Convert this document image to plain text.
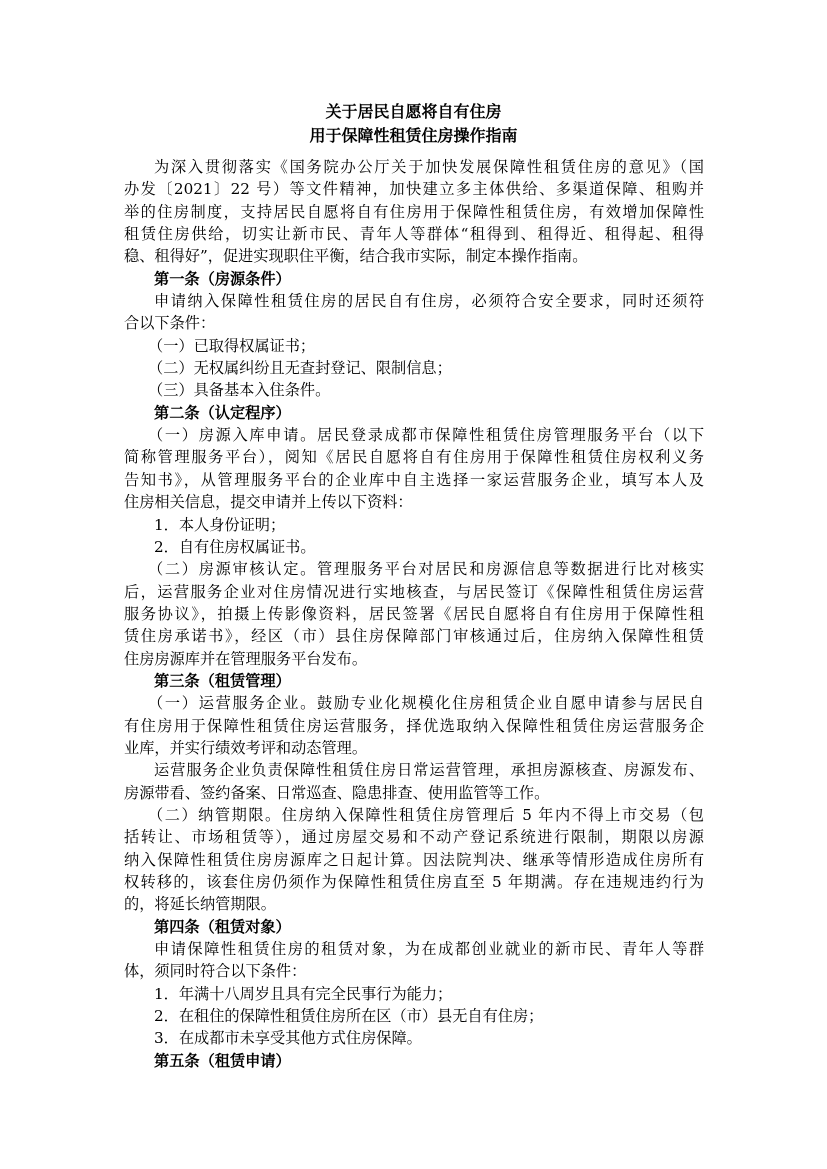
关于居民自愿将自有住房
用于保障性租赁住房操作指南
为深入贯彻落实《国务院办公厅关于加快发展保障性租赁住房的意见》（国
办发〔2021〕22 号）等文件精神，加快建立多主体供给、多渠道保障、租购并
举的住房制度，支持居民自愿将自有住房用于保障性租赁住房，有效增加保障性
租赁住房供给，切实让新市民、青年人等群体“租得到、租得近、租得起、租得
稳、租得好”，促进实现职住平衡，结合我市实际，制定本操作指南。
第一条（房源条件）
申请纳入保障性租赁住房的居民自有住房，必须符合安全要求，同时还须符
合以下条件：
（一）已取得权属证书；
（二）无权属纠纷且无查封登记、限制信息；
（三）具备基本入住条件。
第二条（认定程序）
（一）房源入库申请。居民登录成都市保障性租赁住房管理服务平台（以下
简称管理服务平台），阅知《居民自愿将自有住房用于保障性租赁住房权利义务
告知书》，从管理服务平台的企业库中自主选择一家运营服务企业，填写本人及
住房相关信息，提交申请并上传以下资料：
1．本人身份证明；
2．自有住房权属证书。
（二）房源审核认定。管理服务平台对居民和房源信息等数据进行比对核实
后，运营服务企业对住房情况进行实地核查，与居民签订《保障性租赁住房运营
服务协议》，拍摄上传影像资料，居民签署《居民自愿将自有住房用于保障性租
赁住房承诺书》，经区（市）县住房保障部门审核通过后，住房纳入保障性租赁
住房房源库并在管理服务平台发布。
第三条（租赁管理）
（一）运营服务企业。鼓励专业化规模化住房租赁企业自愿申请参与居民自
有住房用于保障性租赁住房运营服务，择优选取纳入保障性租赁住房运营服务企
业库，并实行绩效考评和动态管理。
运营服务企业负责保障性租赁住房日常运营管理，承担房源核查、房源发布、
房源带看、签约备案、日常巡查、隐患排查、使用监管等工作。
（二）纳管期限。住房纳入保障性租赁住房管理后 5 年内不得上市交易（包
括转让、市场租赁等），通过房屋交易和不动产登记系统进行限制，期限以房源
纳入保障性租赁住房房源库之日起计算。因法院判决、继承等情形造成住房所有
权转移的，该套住房仍须作为保障性租赁住房直至 5 年期满。存在违规违约行为
的，将延长纳管期限。
第四条（租赁对象）
申请保障性租赁住房的租赁对象，为在成都创业就业的新市民、青年人等群
体，须同时符合以下条件：
1．年满十八周岁且具有完全民事行为能力；
2．在租住的保障性租赁住房所在区（市）县无自有住房；
3．在成都市未享受其他方式住房保障。
第五条（租赁申请）
